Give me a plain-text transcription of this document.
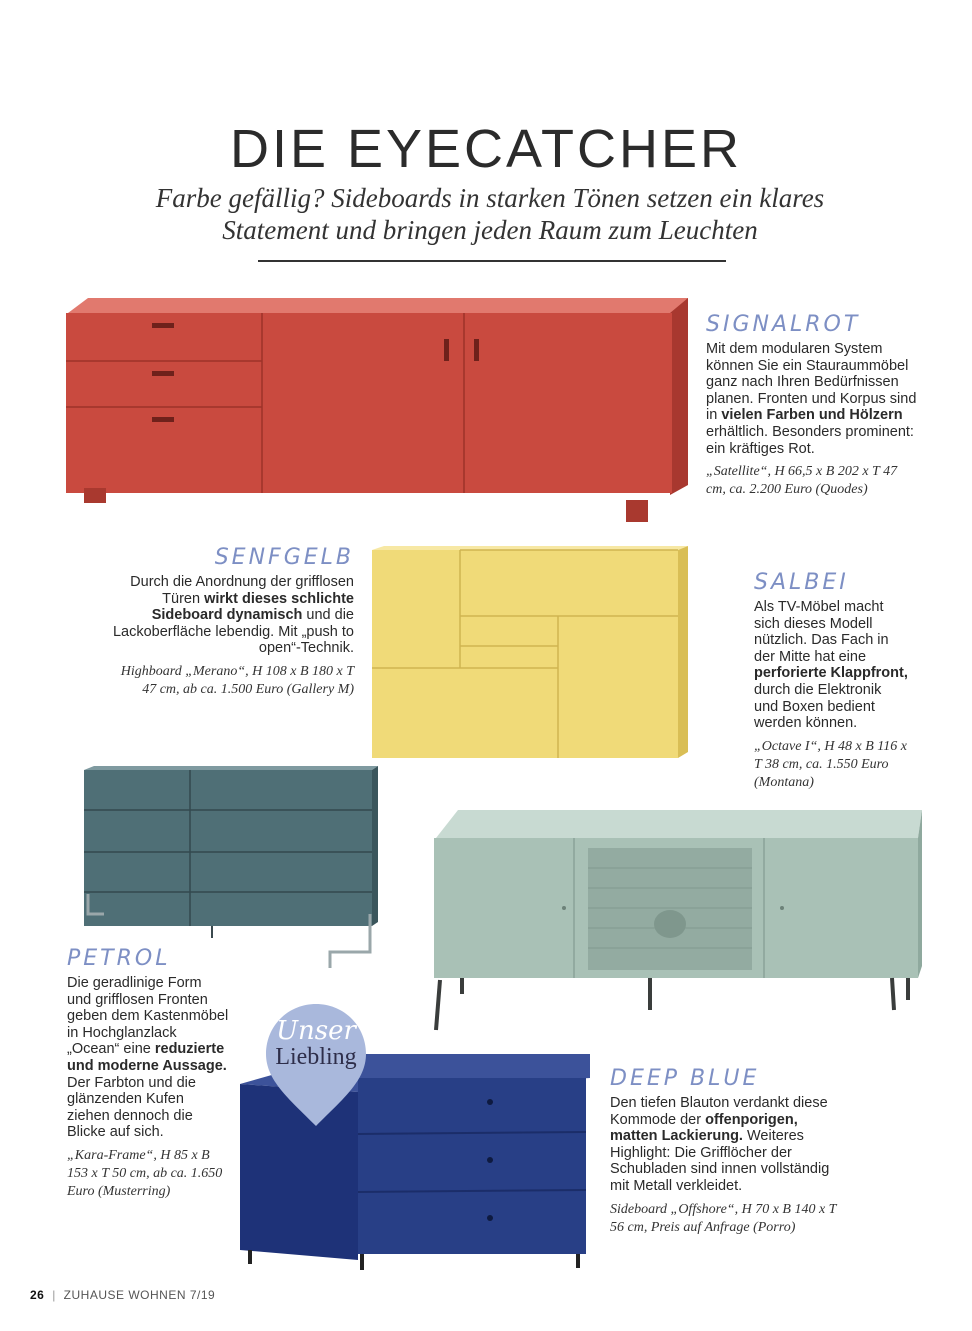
DIE EYECATCHER
Farbe gefällig? Sideboards in starken Tönen setzen ein klares
Statement und bringen jeden Raum zum Leuchten
SIGNALROT
Mit dem modularen System können Sie ein Stauraummöbel ganz nach Ihren Bedürfnissen planen. Fronten und Korpus sind in vielen Farben und Hölzern erhältlich. Besonders prominent: ein kräftiges Rot.
„Satellite“, H 66,5 x B 202 x T 47 cm, ca. 2.200 Euro (Quodes)
SENFGELB
Durch die Anordnung der grifflosen Türen wirkt dieses schlichte Sideboard dynamisch und die Lackoberfläche lebendig. Mit „push to open“-Technik.
Highboard „Merano“, H 108 x B 180 x T 47 cm, ab ca. 1.500 Euro (Gallery M)
SALBEI
Als TV-Möbel macht sich dieses Modell nützlich. Das Fach in der Mitte hat eine perforierte Klappfront, durch die Elektronik und Boxen bedient werden können.
„Octave I“, H 48 x B 116 x T 38 cm, ca. 1.550 Euro (Montana)
PETROL
Die geradlinige Form und grifflosen Fronten geben dem Kastenmöbel in Hochglanzlack „Ocean“ eine reduzierte und moderne Aussage. Der Farbton und die glänzenden Kufen ziehen dennoch die Blicke auf sich.
„Kara-Frame“, H 85 x B 153 x T 50 cm, ab ca. 1.650 Euro (Musterring)
Unser
Liebling
DEEP BLUE
Den tiefen Blauton verdankt diese Kommode der offenporigen, matten Lackierung. Weiteres Highlight: Die Grifflöcher der Schubladen sind innen vollständig mit Metall verkleidet.
Sideboard „Offshore“, H 70 x B 140 x T 56 cm, Preis auf Anfrage (Porro)
26 | ZUHAUSE WOHNEN 7/19
